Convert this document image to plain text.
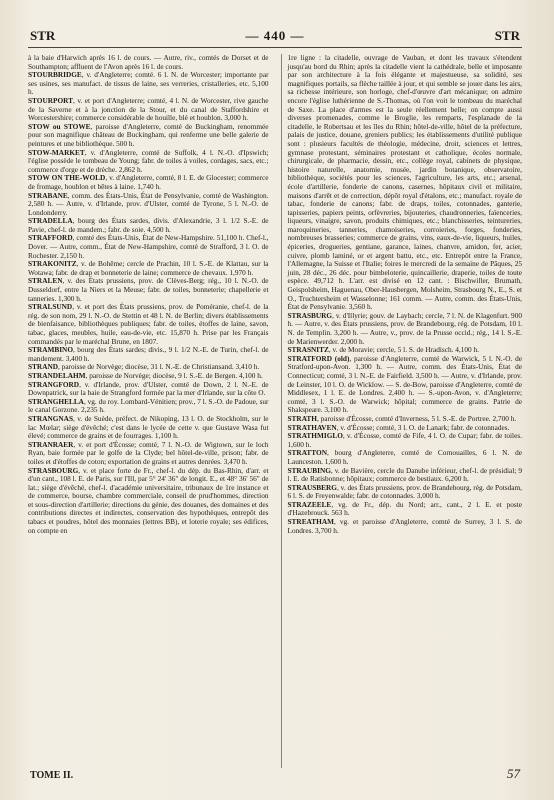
STR	— 440 —	STR

à la baie d'Harwich après 16 l. de cours. — Autre, riv., comtés de Dorset et de Southampton; affluent de l'Avon après 16 l. de cours.

STOURBRIDGE, v. d'Angleterre; comté. 6 l. N. de Worcester; importante par ses usines, ses manufact. de tissus de laine, ses verreries, cristalleries, etc. 5,100 h.

STOURPORT, v. et port d'Angleterre; comté, 4 l. N. de Worcester, rive gauche de la Saverne et à la jonction de la Stour, et du canal de Staffordshire et Worcestershire; commerce considérable de houille, blé et houblon. 3,000 h.

STOW ou STOWE, paroisse d'Angleterre, comté de Buckingham, renommée pour son magnifique château de Buckingham, qui renferme une belle galerie de peintures et une bibliothèque. 500 h.

STOW-MARKET, v. d'Angleterre, comté de Suffolk, 4 l. N.-O. d'Ipswich; l'église possède le tombeau de Young; fabr. de toiles à voiles, cordages, sacs, etc.; commerce d'orge et de drèche. 2,862 h.

STOW ON THE-WOLD, v. d'Angleterre, comté, 8 l. E. de Glocester; commerce de fromage, houblon et bêtes à laine. 1,740 h.

STRABANE, comm. des États-Unis, État de Pensylvanie, comté de Washington. 2,580 h. — Autre, v. d'Irlande, prov. d'Ulster, comté de Tyrone, 5 l. N.-O. de Londonderry.

STRADELLA, bourg des États sardes, divis. d'Alexandrie, 3 l. 1/2 S.-E. de Pavie, chef-l. de mandem.; fabr. de soie. 4,500 h.

STRAFFORD, comté des États-Unis, État de New-Hampshire. 51,100 h. Chef-l., Dover. — Autre, comm., État de New-Hampshire, comté de Strafford, 3 l. O. de Rochester. 2,150 h.

STRAKONITZ, v. de Bohême; cercle de Prachin, 10 l. S.-E. de Klattau, sur la Wotawa; fabr. de drap et bonneterie de laine; commerce de chevaux. 1,970 h.

STRALEN, v. des États prussiens, prov. de Clèves-Berg; rég., 10 l. N.-O. de Dusseldorf, entre la Niers et la Meuse; fabr. de toiles, bonneterie; chapellerie et tanneries. 1,300 h.

STRALSUND, v. et port des États prussiens, prov. de Poméranie, chef-l. de la rég. de son nom, 29 l. N.-O. de Stettin et 48 l. N. de Berlin; divers établissements de bienfaisance, bibliothèques publiques; fabr. de toiles, étoffes de laine, savon, tabac, glaces, meubles, huile, eau-de-vie, etc. 15,870 h. Prise par les Français commandés par le maréchal Brune, en 1807.

STRAMBINO, bourg des États sardes; divis., 9 l. 1/2 N.-E. de Turin, chef-l. de mandement. 3,400 h.

STRAND, paroisse de Norvège; diocèse, 31 l. N.-E. de Christiansand. 3,410 h.

STRANDELAHM, paroisse de Norvège; diocèse, 9 l. S.-E. de Bergen. 4,100 h.

STRANGFORD, v. d'Irlande, prov. d'Ulster, comté de Down, 2 l. N.-E. de Downpatrick, sur la baie de Strangford formée par la mer d'Irlande, sur la côte O.

STRANGHELLA, vg. du roy. Lombard-Vénitien; prov., 7 l. S.-O. de Padoue, sur le canal Gorzone. 2,235 h.

STRANGNAS, v. de Suède, préfect. de Nikoping, 13 l. O. de Stockholm, sur le lac Mœlar; siège d'évêché; c'est dans le lycée de cette v. que Gustave Wasa fut élevé; commerce de grains et de fourrages. 1,100 h.

STRANRAER, v. et port d'Écosse; comté, 7 l. N.-O. de Wigtown, sur le loch Ryan, baie formée par le golfe de la Clyde; bel hôtel-de-ville, prison; fabr. de toiles et d'étoffes de coton; exportation de grains et autres denrées. 3,470 h.

STRASBOURG, v. et place forte de Fr., chef-l. du dép. du Bas-Rhin, d'arr. et d'un cant., 108 l. E. de Paris, sur l'Ill, par 5° 24' 36" de longit. E., et 48° 36' 56" de lat.; siège d'évêché, chef-l. d'académie universitaire, tribunaux de 1re instance et de commerce, bourse, chambre commerciale, conseil de prud'hommes, direction et sous-direction d'artillerie; directions du génie, des douanes, des domaines et des contributions directes et indirectes, conservation des hypothèques, entrepôt des tabacs et poudres, hôtel des monnaies (lettres BB), et loterie royale; ses édifices, on compte en

1re ligne : la citadelle, ouvrage de Vauban, et dont les travaux s'étendent jusqu'au bord du Rhin; après la citadelle vient la cathédrale, belle et imposante par son architecture à la fois élégante et majestueuse, sa solidité, ses magnifiques portails, sa flèche taillée à jour, et qui semble se jouer dans les airs, sa richesse intérieure, son horloge, chef-d'œuvre d'art mécanique; on admire encore l'église luthérienne de S.-Thomas, où l'on voit le tombeau du maréchal de Saxe. La place d'armes est la seule réellement belle; on compte aussi diverses promenades, comme le Broglie, les remparts, l'esplanade de la citadelle, le Robertsau et les îles du Rhin; hôtel-de-ville, hôtel de la préfecture, palais de justice, douane, greniers publics; les établissements d'utilité publique sont : plusieurs facultés de théologie, médecine, droit, sciences et lettres, gymnase protestant, séminaires protestant et catholique, écoles normale, chirurgicale, de pharmacie, dessin, etc., collège royal, cabinets de physique, histoire naturelle, anatomie, musée, jardin botanique, observatoire, bibliothèque, sociétés pour les sciences, l'agriculture, les arts, etc.; arsenal, école d'artillerie, fonderie de canons, casernes, hôpitaux civil et militaire, maisons d'arrêt et de correction, dépôt royal d'étalons, etc.; manufact. royale de tabac, fonderie de canons; fabr. de draps, toiles, cotonnades, ganterie, tapisseries, papiers peints, orfèvreries, bijouteries, chaudronneries, faïenceries, liqueurs, vinaigre, savon, produits chimiques, etc.; blanchisseries, teintureries, maroquineries, tanneries, chamoiseries, corroieries, forges, fonderies, nombreuses brasseries; commerce de grains, vins, eaux-de-vie, liqueurs, huiles, épiceries, drogueries, gentiane, garance, laines, chanvre, amidon, fer, acier, cuivre, plomb laminé, or et argent battu, etc., etc. Entrepôt entre la France, l'Allemagne, la Suisse et l'Italie; foires le mercredi de la semaine de Pâques, 25 juin, 28 déc., 26 déc. pour bimbeloterie, quincaillerie, draperie, toiles de toute espèce. 49,712 h. L'arr. est divisé en 12 cant. : Bischwiller, Brumath, Geispolsheim, Haguenau, Ober-Hausbergen, Molsheim, Strasbourg N., E., S. et O., Truchtersheim et Wasselonne; 161 comm. — Autre, comm. des États-Unis, État de Pensylvanie. 3,560 h.

STRASBURG, v. d'Illyrie; gouv. de Laybach; cercle, 7 l. N. de Klagenfurt. 900 h. — Autre, v. des États prussiens, prov. de Brandebourg, rég. de Potsdam, 10 l. N. de Templin. 3,200 h. — Autre, v., prov. de la Prusse occid.; rég., 14 l. S.-E. de Marienwerder. 2,000 h.

STRASNITZ, v. de Moravie; cercle, 5 l. S. de Hradisch. 4,100 h.

STRATFORD (old), paroisse d'Angleterre, comté de Warwick, 5 l. N.-O. de Stratford-upon-Avon. 1,300 h. — Autre, comm. des États-Unis, État de Connecticut; comté, 3 l. N.-E. de Fairfield. 3,500 h. — Autre, v. d'Irlande, prov. de Leinster, 10 l. O. de Wicklow. — S. de-Bow, paroisse d'Angleterre, comté de Middlesex, 1 l. E. de Londres. 2,400 h. — S.-upon-Avon, v. d'Angleterre; comté, 3 l. S.-O. de Warwick; hôpital; commerce de grains. Patrie de Shakspeare. 3,100 h.

STRATH, paroisse d'Écosse, comté d'Inverness, 5 l. S.-E. de Portree. 2,700 h.

STRATHAVEN, v. d'Écosse; comté, 3 l. O. de Lanark; fabr. de cotonnades.

STRATHMIGLO, v. d'Écosse, comté de Fife, 4 l. O. de Cupar; fabr. de toiles. 1,600 h.

STRATTON, bourg d'Angleterre, comté de Cornouailles, 6 l. N. de Launceston. 1,600 h.

STRAUBING, v. de Bavière, cercle du Danube inférieur, chef-l. de présidial; 9 l. E. de Ratisbonne; hôpitaux; commerce de bestiaux. 6,200 h.

STRAUSBERG, v. des États prussiens, prov. de Brandebourg, rég. de Potsdam, 6 l. S. de Freyenwalde; fabr. de cotonnades. 3,000 h.

STRAZEELE, vg. de Fr., dép. du Nord; arr., cant., 2 l. E. et poste d'Hazebrouck. 563 h.

STREATHAM, vg. et paroisse d'Angleterre, comté de Surrey, 3 l. S. de Londres. 3,700 h.

TOME II.	57
